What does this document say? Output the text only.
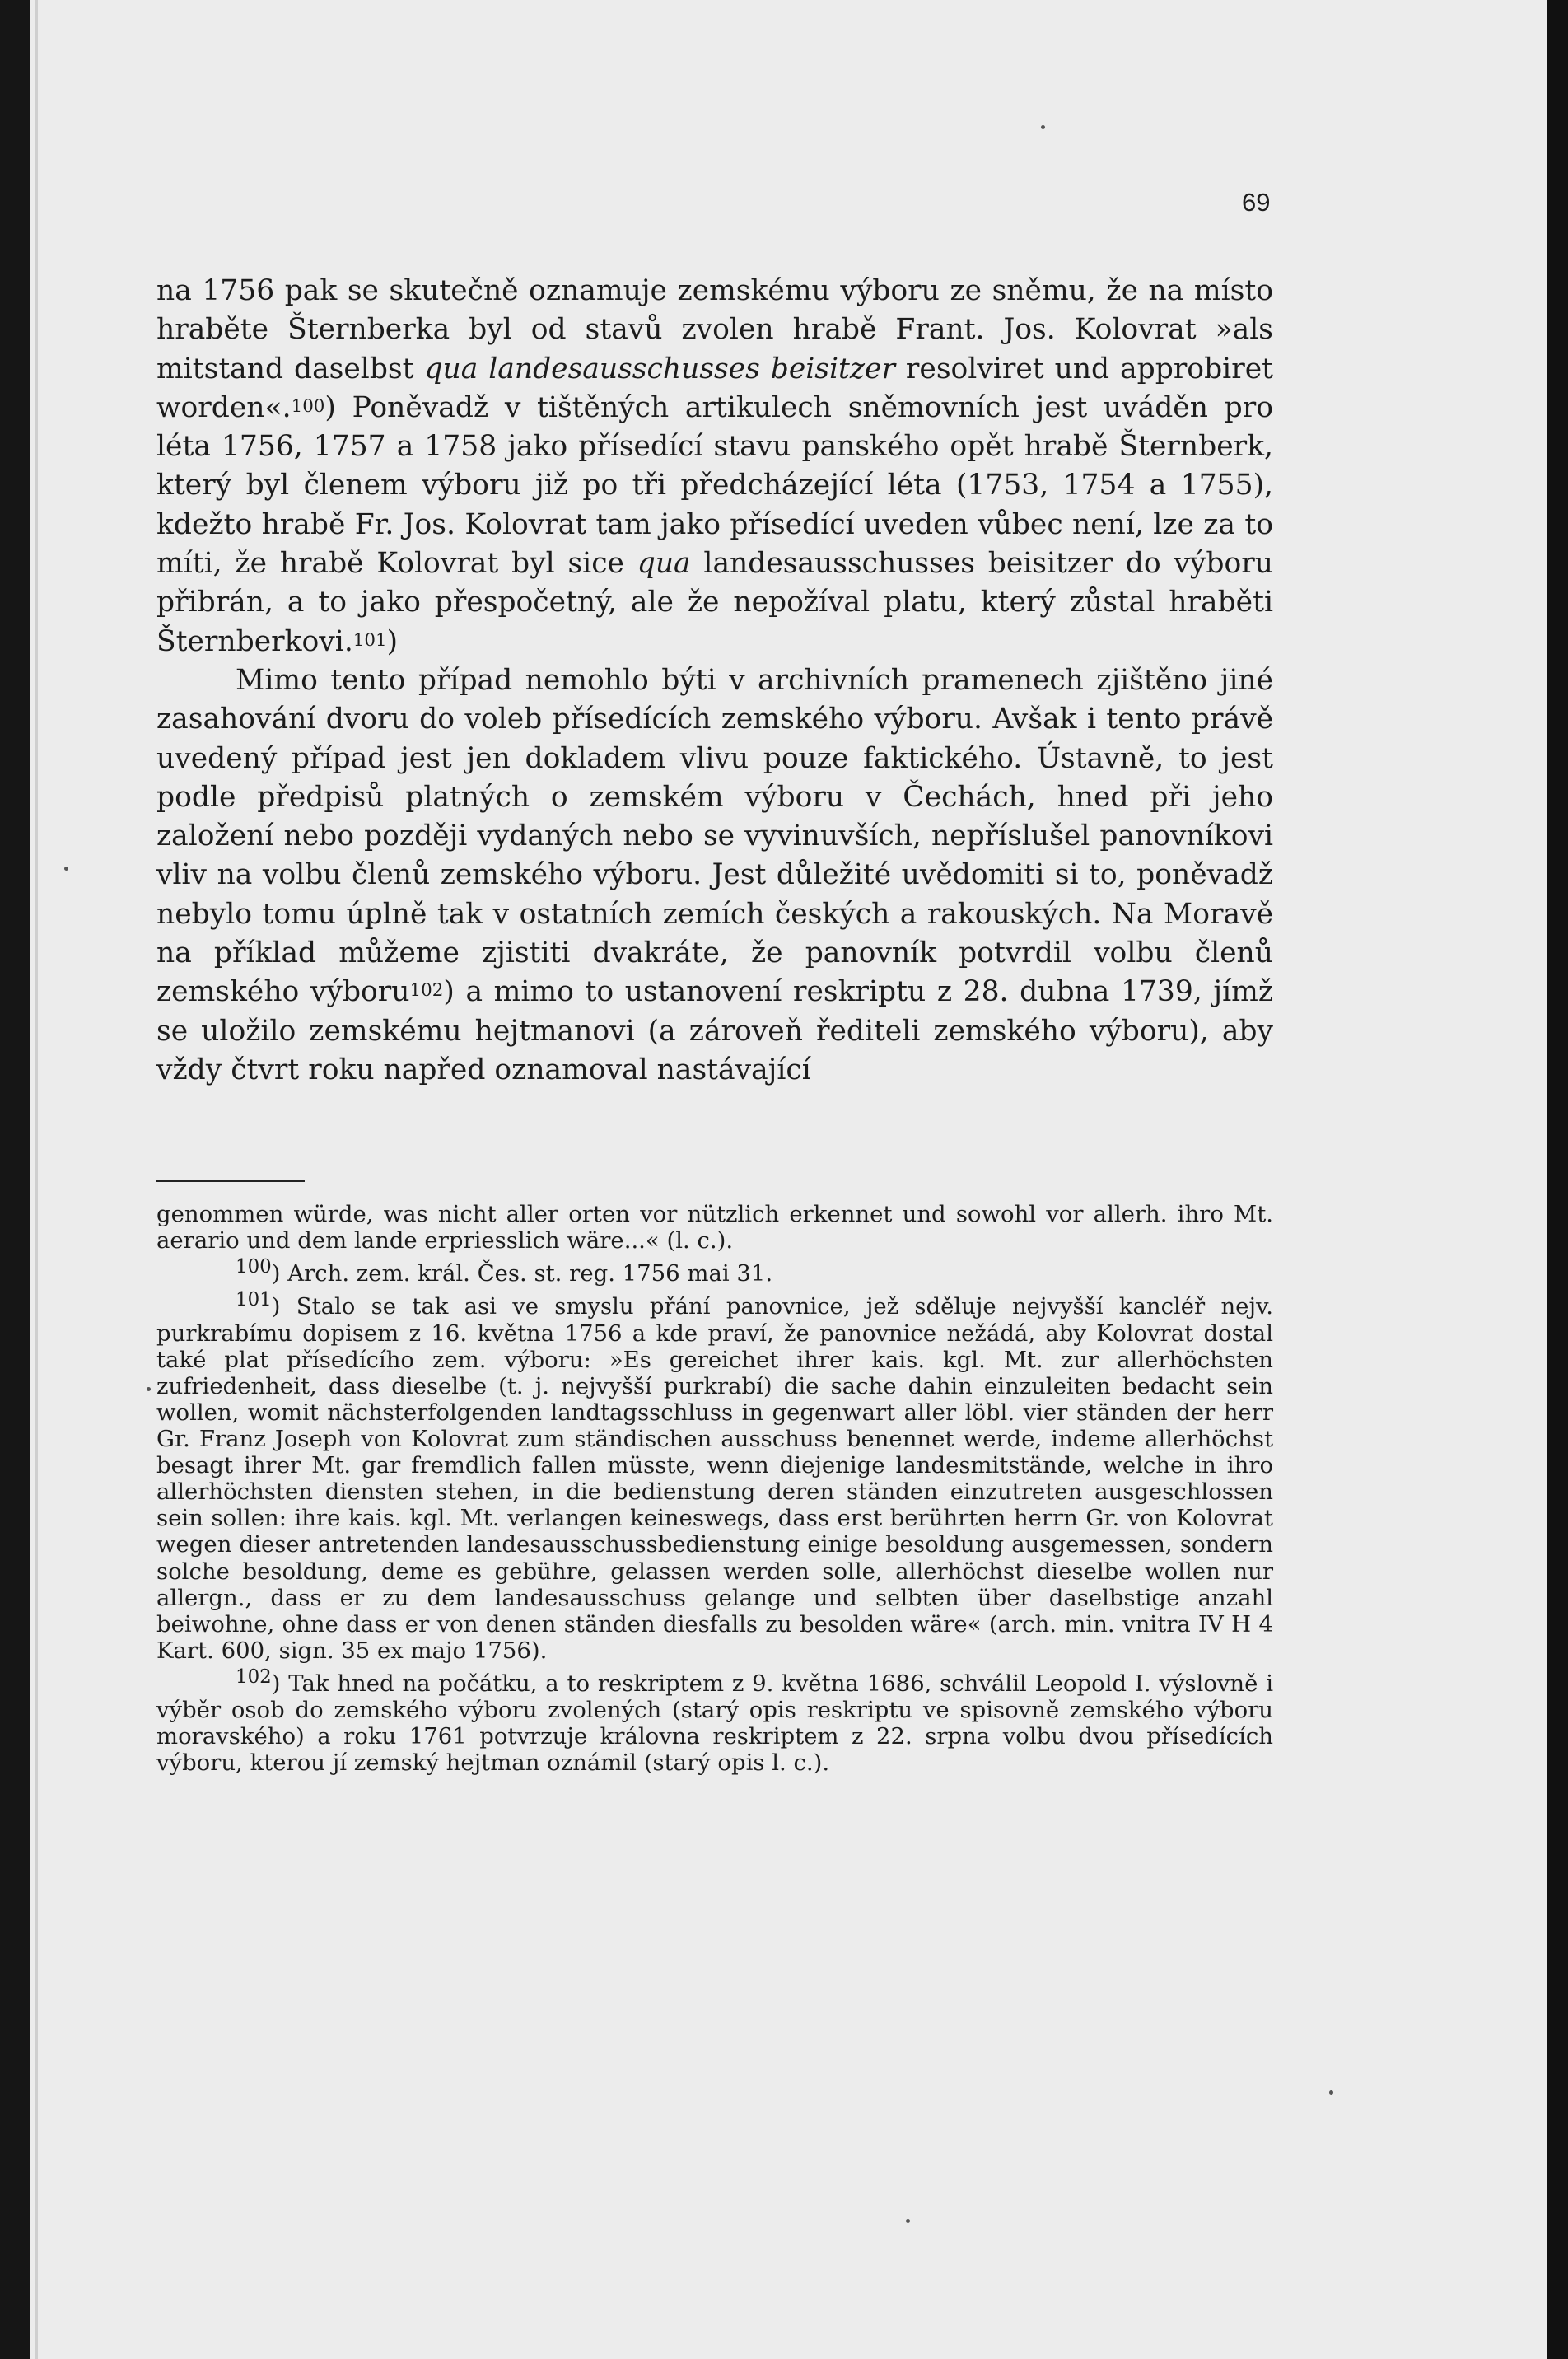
69

na 1756 pak se skutečně oznamuje zemskému výboru ze sněmu, že na místo hraběte Šternberka byl od stavů zvolen hrabě Frant. Jos. Kolovrat »als mitstand daselbst qua landesausschusses beisitzer resolviret und approbiret worden«.$^{100}$) Poněvadž v tištěných artikulech sněmovních jest uváděn pro léta 1756, 1757 a 1758 jako přísedící stavu panského opět hrabě Šternberk, který byl členem výboru již po tři předcházející léta (1753, 1754 a 1755), kdežto hrabě Fr. Jos. Kolovrat tam jako přísedící uveden vůbec není, lze za to míti, že hrabě Kolovrat byl sice qua landesausschusses beisitzer do výboru přibrán, a to jako přespočetný, ale že nepožíval platu, který zůstal hraběti Šternberkovi.$^{101}$)

Mimo tento případ nemohlo býti v archivních pramenech zjištěno jiné zasahování dvoru do voleb přísedících zemského výboru. Avšak i tento právě uvedený případ jest jen dokladem vlivu pouze faktického. Ústavně, to jest podle předpisů platných o zemském výboru v Čechách, hned při jeho založení nebo později vydaných nebo se vyvinuvších, nepříslušel panovníkovi vliv na volbu členů zemského výboru. Jest důležité uvědomiti si to, poněvadž nebylo tomu úplně tak v ostatních zemích českých a rakouských. Na Moravě na příklad můžeme zjistiti dvakráte, že panovník potvrdil volbu členů zemského výboru$^{102}$) a mimo to ustanovení reskriptu z 28. dubna 1739, jímž se uložilo zemskému hejtmanovi (a zároveň řediteli zemského výboru), aby vždy čtvrt roku napřed oznamoval nastávající

genommen würde, was nicht aller orten vor nützlich erkennet und sowohl vor allerh. ihro Mt. aerario und dem lande erpriesslich wäre...« (l. c.).

$^{100}$) Arch. zem. král. Čes. st. reg. 1756 mai 31.

$^{101}$) Stalo se tak asi ve smyslu přání panovnice, jež sděluje nejvyšší kancléř nejv. purkrabímu dopisem z 16. května 1756 a kde praví, že panovnice nežádá, aby Kolovrat dostal také plat přísedícího zem. výboru: »Es gereichet ihrer kais. kgl. Mt. zur allerhöchsten zufriedenheit, dass dieselbe (t. j. nejvyšší purkrabí) die sache dahin einzuleiten bedacht sein wollen, womit nächsterfolgenden landtagsschluss in gegenwart aller löbl. vier ständen der herr Gr. Franz Joseph von Kolovrat zum ständischen ausschuss benennet werde, indeme allerhöchst besagt ihrer Mt. gar fremdlich fallen müsste, wenn diejenige landesmitstände, welche in ihro allerhöchsten diensten stehen, in die bedienstung deren ständen einzutreten ausgeschlossen sein sollen: ihre kais. kgl. Mt. verlangen keineswegs, dass erst berührten herrn Gr. von Kolovrat wegen dieser antretenden landesausschussbedienstung einige besoldung ausgemessen, sondern solche besoldung, deme es gebühre, gelassen werden solle, allerhöchst dieselbe wollen nur allergn., dass er zu dem landesausschuss gelange und selbten über daselbstige anzahl beiwohne, ohne dass er von denen ständen diesfalls zu besolden wäre« (arch. min. vnitra IV H 4 Kart. 600, sign. 35 ex majo 1756).

$^{102}$) Tak hned na počátku, a to reskriptem z 9. května 1686, schválil Leopold I. výslovně i výběr osob do zemského výboru zvolených (starý opis reskriptu ve spisovně zemského výboru moravského) a roku 1761 potvrzuje královna reskriptem z 22. srpna volbu dvou přísedících výboru, kterou jí zemský hejtman oznámil (starý opis l. c.).
